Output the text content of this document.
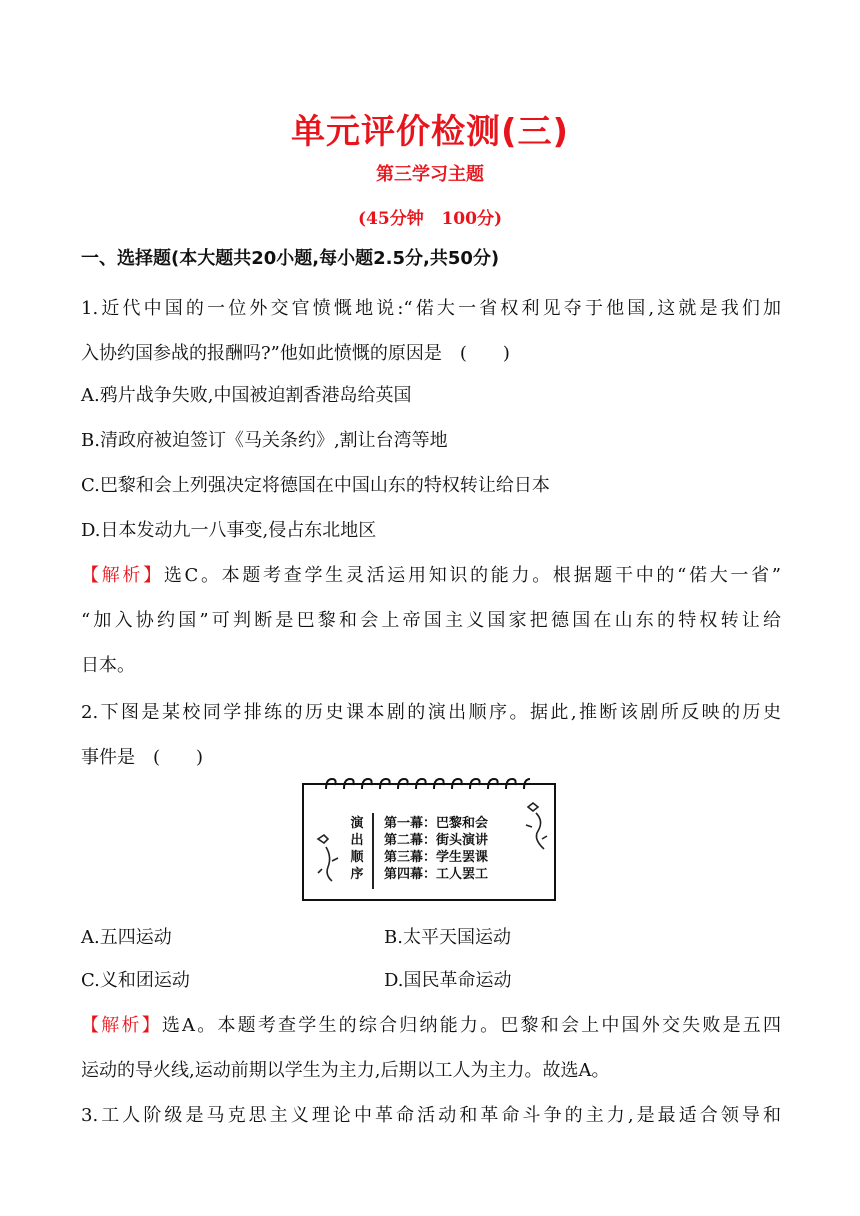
单元评价检测(三)
第三学习主题
(45分钟   100分)
一、选择题(本大题共20小题,每小题2.5分,共50分)
1.近代中国的一位外交官愤慨地说:“偌大一省权利见夺于他国,这就是我们加
入协约国参战的报酬吗?”他如此愤慨的原因是　(　　)
A.鸦片战争失败,中国被迫割香港岛给英国
B.清政府被迫签订《马关条约》,割让台湾等地
C.巴黎和会上列强决定将德国在中国山东的特权转让给日本
D.日本发动九一八事变,侵占东北地区
【解析】选C。本题考查学生灵活运用知识的能力。根据题干中的“偌大一省”
“加入协约国”可判断是巴黎和会上帝国主义国家把德国在山东的特权转让给
日本。
2.下图是某校同学排练的历史课本剧的演出顺序。据此,推断该剧所反映的历史
事件是　(　　)
演
出
顺
序
第一幕：巴黎和会
第二幕：街头演讲
第三幕：学生罢课
第四幕：工人罢工
A.五四运动	B.太平天国运动
C.义和团运动	D.国民革命运动
【解析】选A。本题考查学生的综合归纳能力。巴黎和会上中国外交失败是五四
运动的导火线,运动前期以学生为主力,后期以工人为主力。故选A。
3.工人阶级是马克思主义理论中革命活动和革命斗争的主力,是最适合领导和
